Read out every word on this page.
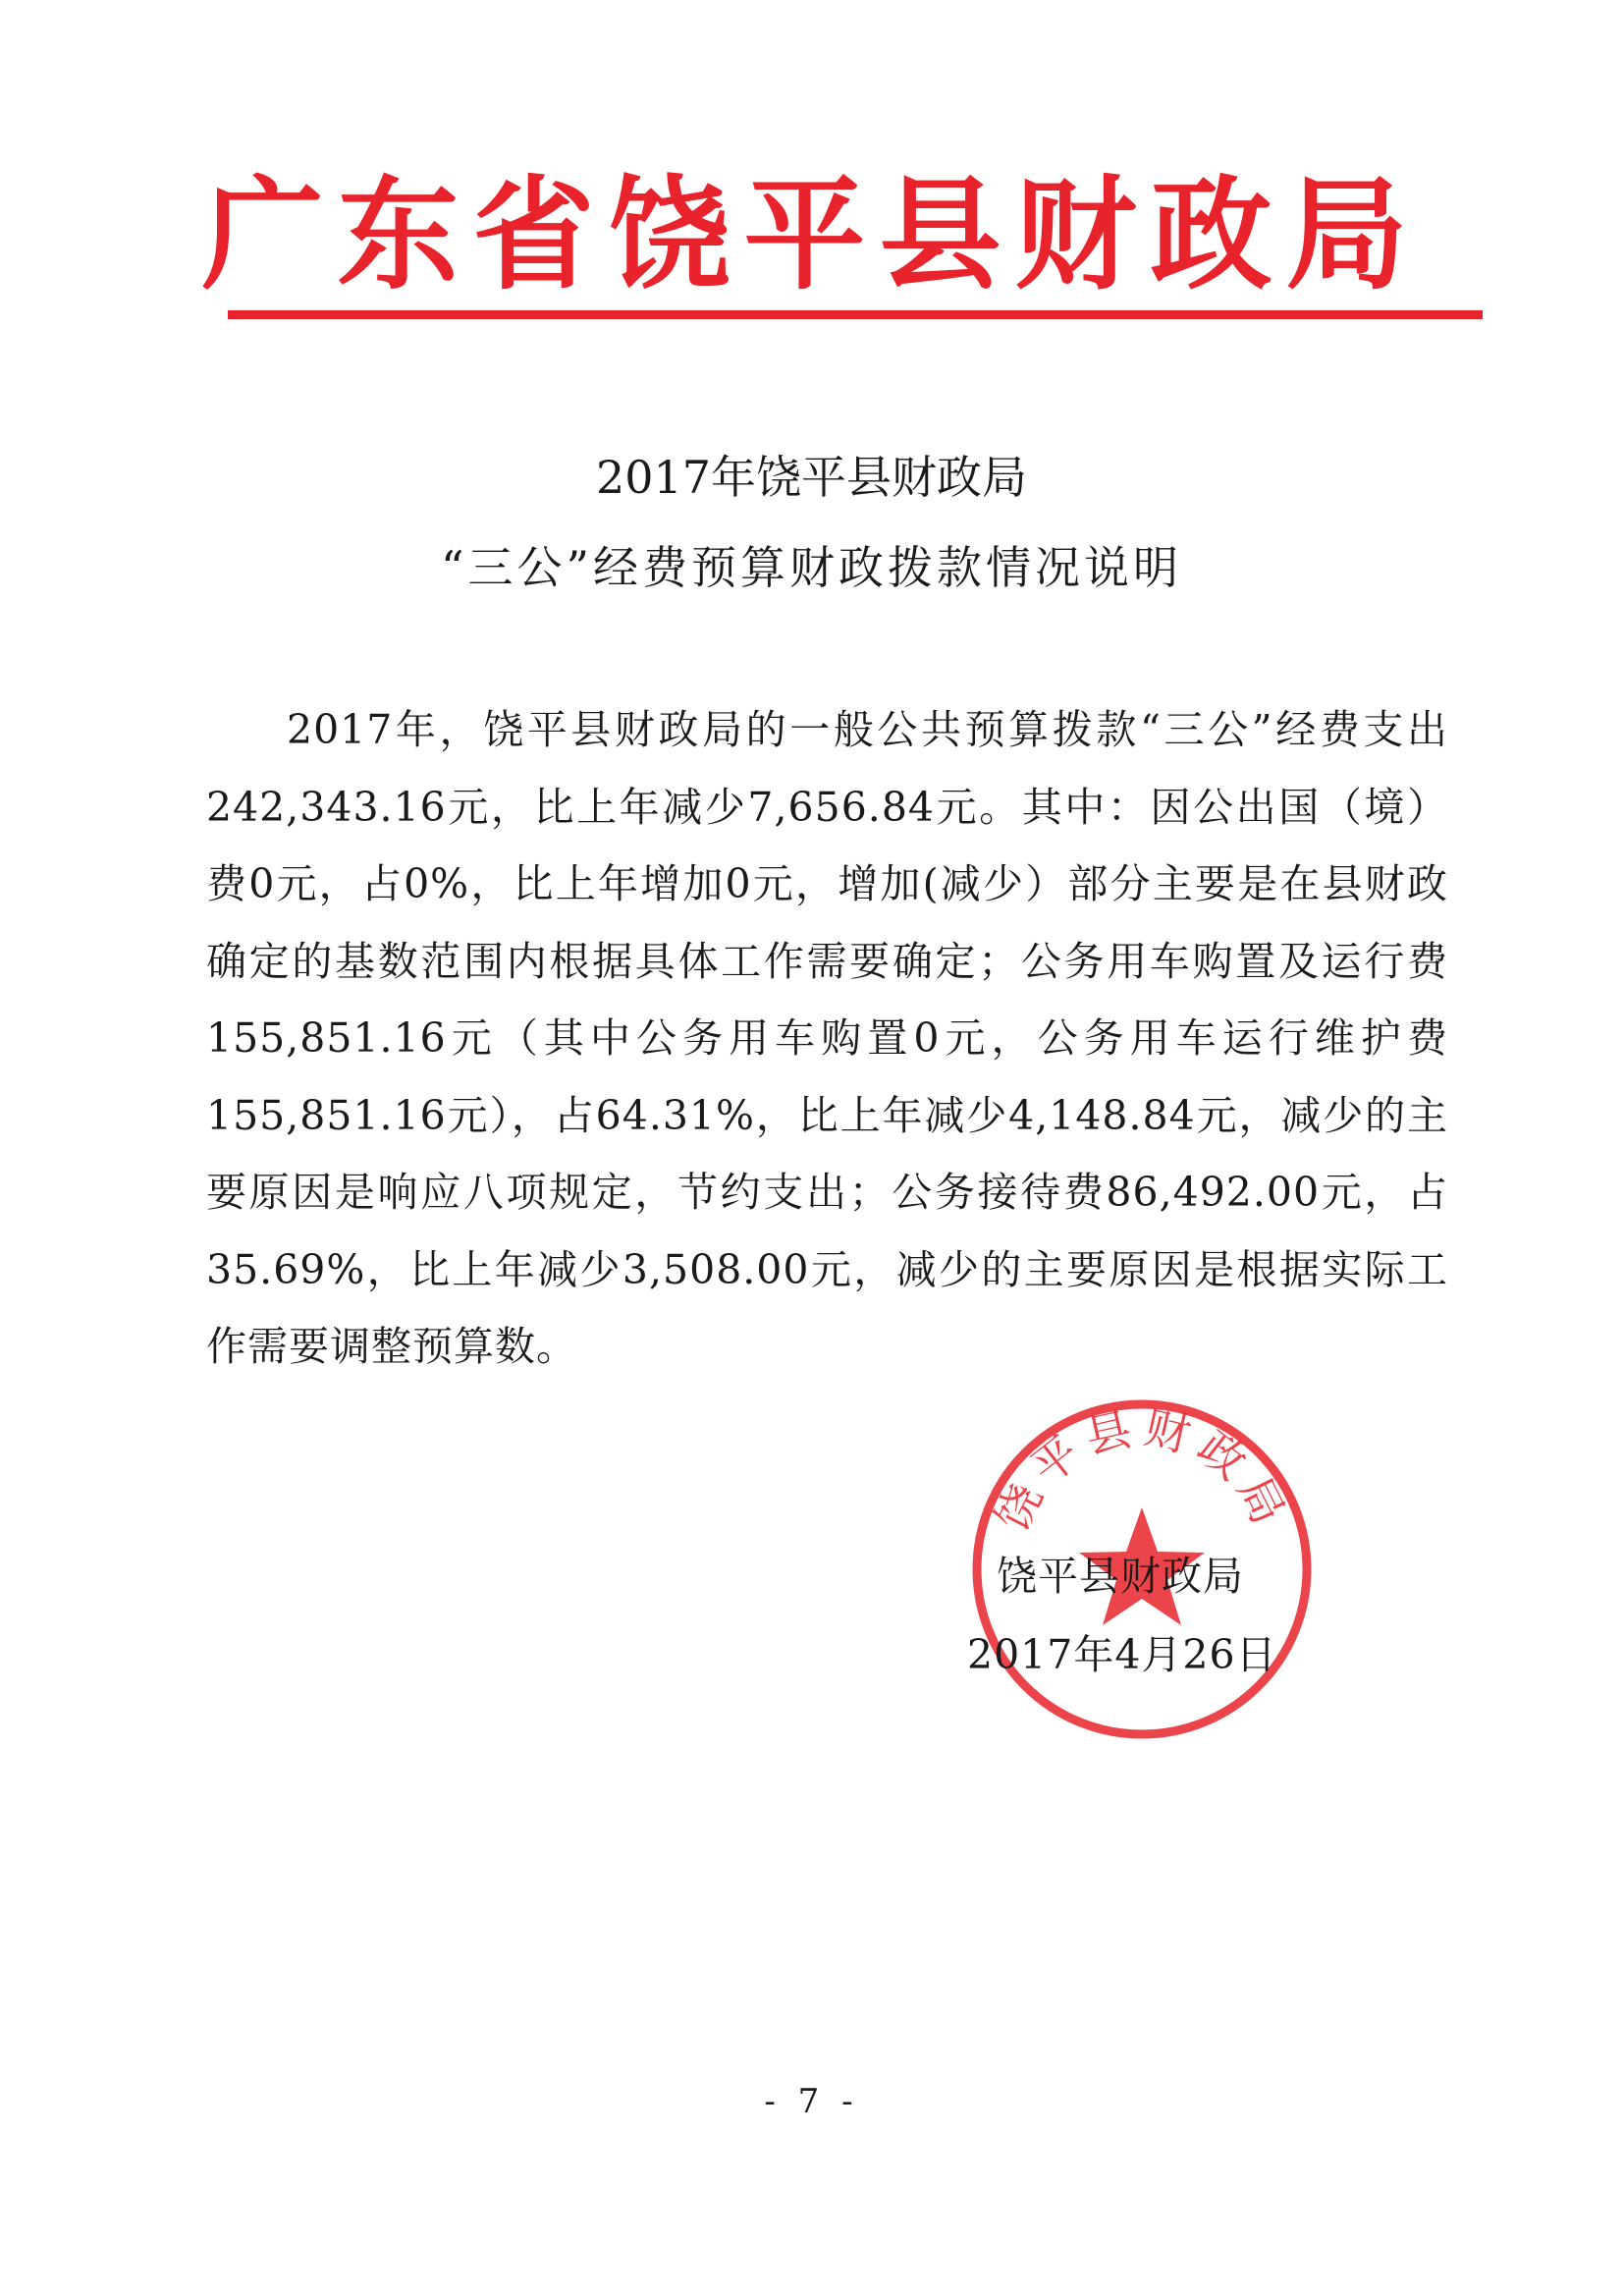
广东省饶平县财政局
2017年饶平县财政局
“三公”经费预算财政拨款情况说明

2017年，饶平县财政局的一般公共预算拨款“三公”经费支出242,343.16元，比上年减少7,656.84元。其中：因公出国（境）费0元，占0%，比上年增加0元，增加(减少）部分主要是在县财政确定的基数范围内根据具体工作需要确定；公务用车购置及运行费155,851.16元（其中公务用车购置0元，公务用车运行维护费155,851.16元），占64.31%，比上年减少4,148.84元，减少的主要原因是响应八项规定，节约支出；公务接待费86,492.00元，占35.69%，比上年减少3,508.00元，减少的主要原因是根据实际工作需要调整预算数。

饶平县财政局
饶平县财政局
2017年4月26日
- 7 -
